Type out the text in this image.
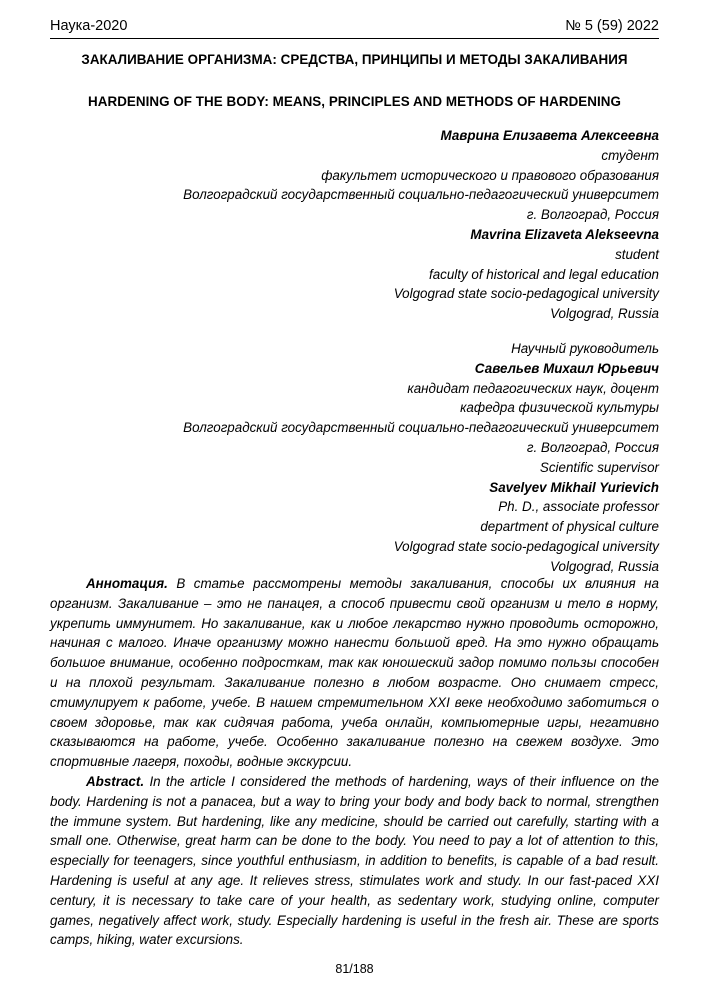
Наука-2020	№ 5 (59) 2022
ЗАКАЛИВАНИЕ ОРГАНИЗМА: СРЕДСТВА, ПРИНЦИПЫ И МЕТОДЫ ЗАКАЛИВАНИЯ
HARDENING OF THE BODY: MEANS, PRINCIPLES AND METHODS OF HARDENING
Маврина Елизавета Алексеевна
студент
факультет исторического и правового образования
Волгоградский государственный социально-педагогический университет
г. Волгоград, Россия
Mavrina Elizaveta Alekseevna
student
faculty of historical and legal education
Volgograd state socio-pedagogical university
Volgograd, Russia
Научный руководитель
Савельев Михаил Юрьевич
кандидат педагогических наук, доцент
кафедра физической культуры
Волгоградский государственный социально-педагогический университет
г. Волгоград, Россия
Scientific supervisor
Savelyev Mikhail Yurievich
Ph. D., associate professor
department of physical culture
Volgograd state socio-pedagogical university
Volgograd, Russia

Аннотация. В статье рассмотрены методы закаливания, способы их влияния на организм. Закаливание – это не панацея, а способ привести свой организм и тело в норму, укрепить иммунитет. Но закаливание, как и любое лекарство нужно проводить осторожно, начиная с малого. Иначе организму можно нанести большой вред. На это нужно обращать большое внимание, особенно подросткам, так как юношеский задор помимо пользы способен и на плохой результат. Закаливание полезно в любом возрасте. Оно снимает стресс, стимулирует к работе, учебе. В нашем стремительном XXI веке необходимо заботиться о своем здоровье, так как сидячая работа, учеба онлайн, компьютерные игры, негативно сказываются на работе, учебе. Особенно закаливание полезно на свежем воздухе. Это спортивные лагеря, походы, водные экскурсии.

Abstract. In the article I considered the methods of hardening, ways of their influence on the body. Hardening is not a panacea, but a way to bring your body and body back to normal, strengthen the immune system. But hardening, like any medicine, should be carried out carefully, starting with a small one. Otherwise, great harm can be done to the body. You need to pay a lot of attention to this, especially for teenagers, since youthful enthusiasm, in addition to benefits, is capable of a bad result. Hardening is useful at any age. It relieves stress, stimulates work and study. In our fast-paced XXI century, it is necessary to take care of your health, as sedentary work, studying online, computer games, negatively affect work, study. Especially hardening is useful in the fresh air. These are sports camps, hiking, water excursions.

81/188
